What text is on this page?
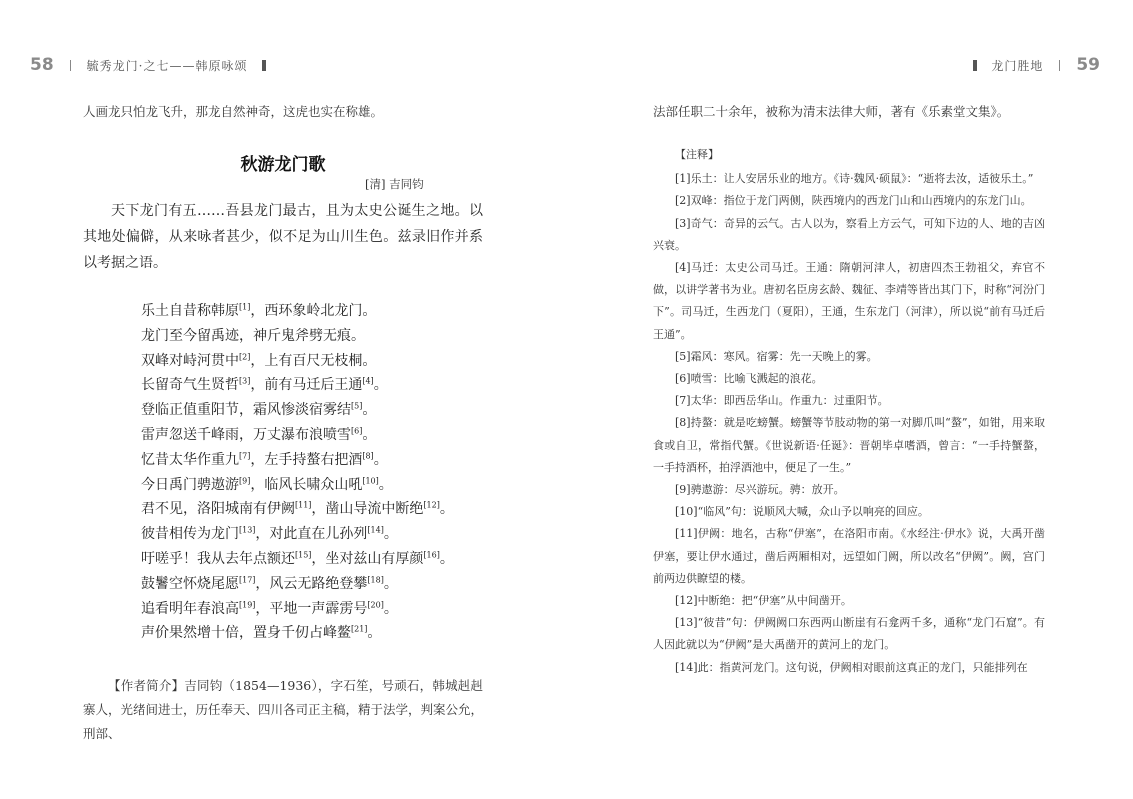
58	毓秀龙门·之七——韩原咏颂
人画龙只怕龙飞升，那龙自然神奇，这虎也实在称雄。
秋游龙门歌
[清] 吉同钧
天下龙门有五……吾县龙门最古，且为太史公诞生之地。以其地处偏僻，从来咏者甚少，似不足为山川生色。兹录旧作并系以考据之语。
乐土自昔称韩原[1]，西环象岭北龙门。
龙门至今留禹迹，神斤鬼斧劈无痕。
双峰对峙河贯中[2]，上有百尺无枝桐。
长留奇气生贤哲[3]，前有马迁后王通[4]。
登临正值重阳节，霜风惨淡宿雾结[5]。
雷声忽送千峰雨，万丈瀑布浪喷雪[6]。
忆昔太华作重九[7]，左手持螯右把酒[8]。
今日禹门骋遨游[9]，临风长啸众山吼[10]。
君不见，洛阳城南有伊阙[11]，凿山导流中断绝[12]。
彼昔相传为龙门[13]，对此直在儿孙列[14]。
吁嗟乎！我从去年点额还[15]，坐对兹山有厚颜[16]。
鼓鬐空怀烧尾愿[17]，风云无路绝登攀[18]。
追看明年春浪高[19]，平地一声霹雳号[20]。
声价果然增十倍，置身千仞占峰鳌[21]。
【作者简介】吉同钧（1854—1936），字石笙，号顽石，韩城赳赳寨人，光绪间进士，历任奉天、四川各司正主稿，精于法学，判案公允，刑部、
龙门胜地 59
法部任职二十余年，被称为清末法律大师，著有《乐素堂文集》。

【注释】

[1]乐土：让人安居乐业的地方。《诗·魏风·硕鼠》：“逝将去汝，适彼乐土。”

[2]双峰：指位于龙门两侧，陕西境内的西龙门山和山西境内的东龙门山。

[3]奇气：奇异的云气。古人以为，察看上方云气，可知下边的人、地的吉凶兴衰。

[4]马迁：太史公司马迁。王通：隋朝河津人，初唐四杰王勃祖父，弃官不做，以讲学著书为业。唐初名臣房玄龄、魏征、李靖等皆出其门下，时称“河汾门下”。司马迁，生西龙门（夏阳），王通，生东龙门（河津），所以说“前有马迁后王通”。

[5]霜风：寒风。宿雾：先一天晚上的雾。

[6]喷雪：比喻飞溅起的浪花。

[7]太华：即西岳华山。作重九：过重阳节。

[8]持螯：就是吃螃蟹。螃蟹等节肢动物的第一对脚爪叫“螯”，如钳，用来取食或自卫，常指代蟹。《世说新语·任诞》：晋朝毕卓嗜酒，曾言：“一手持蟹螯，一手持酒杯，拍浮酒池中，便足了一生。”

[9]骋遨游：尽兴游玩。骋：放开。

[10]“临风”句：说顺风大喊，众山予以响亮的回应。

[11]伊阙：地名，古称“伊塞”，在洛阳市南。《水经注·伊水》说，大禹开凿伊塞，要让伊水通过，凿后两厢相对，远望如门阙，所以改名“伊阙”。阙，宫门前两边供瞭望的楼。

[12]中断绝：把“伊塞”从中间凿开。

[13]“彼昔”句：伊阙阙口东西两山断崖有石龛两千多，通称“龙门石窟”。有人因此就以为“伊阙”是大禹凿开的黄河上的龙门。

[14]此：指黄河龙门。这句说，伊阙相对眼前这真正的龙门，只能排列在
